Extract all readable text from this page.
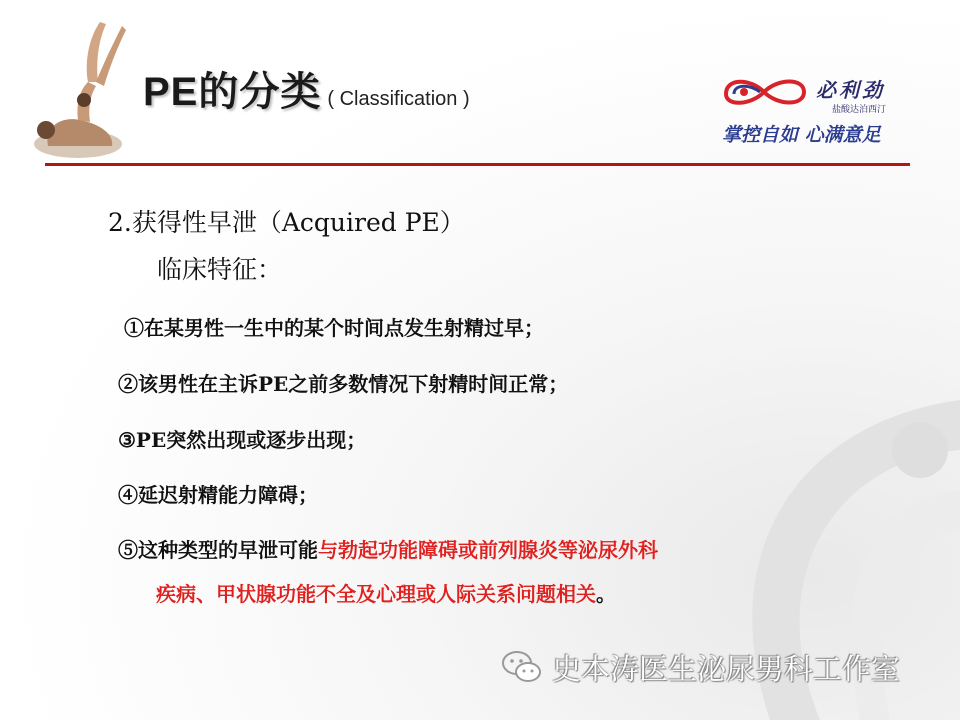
PE的分类 ( Classification )	必利劲
盐酸达泊西汀
掌控自如 心满意足
2.获得性早泄（Acquired PE）
临床特征：
①在某男性一生中的某个时间点发生射精过早；
②该男性在主诉PE之前多数情况下射精时间正常；
③PE突然出现或逐步出现；
④延迟射精能力障碍；
⑤这种类型的早泄可能与勃起功能障碍或前列腺炎等泌尿外科
疾病、甲状腺功能不全及心理或人际关系问题相关。
史本涛医生泌尿男科工作室
